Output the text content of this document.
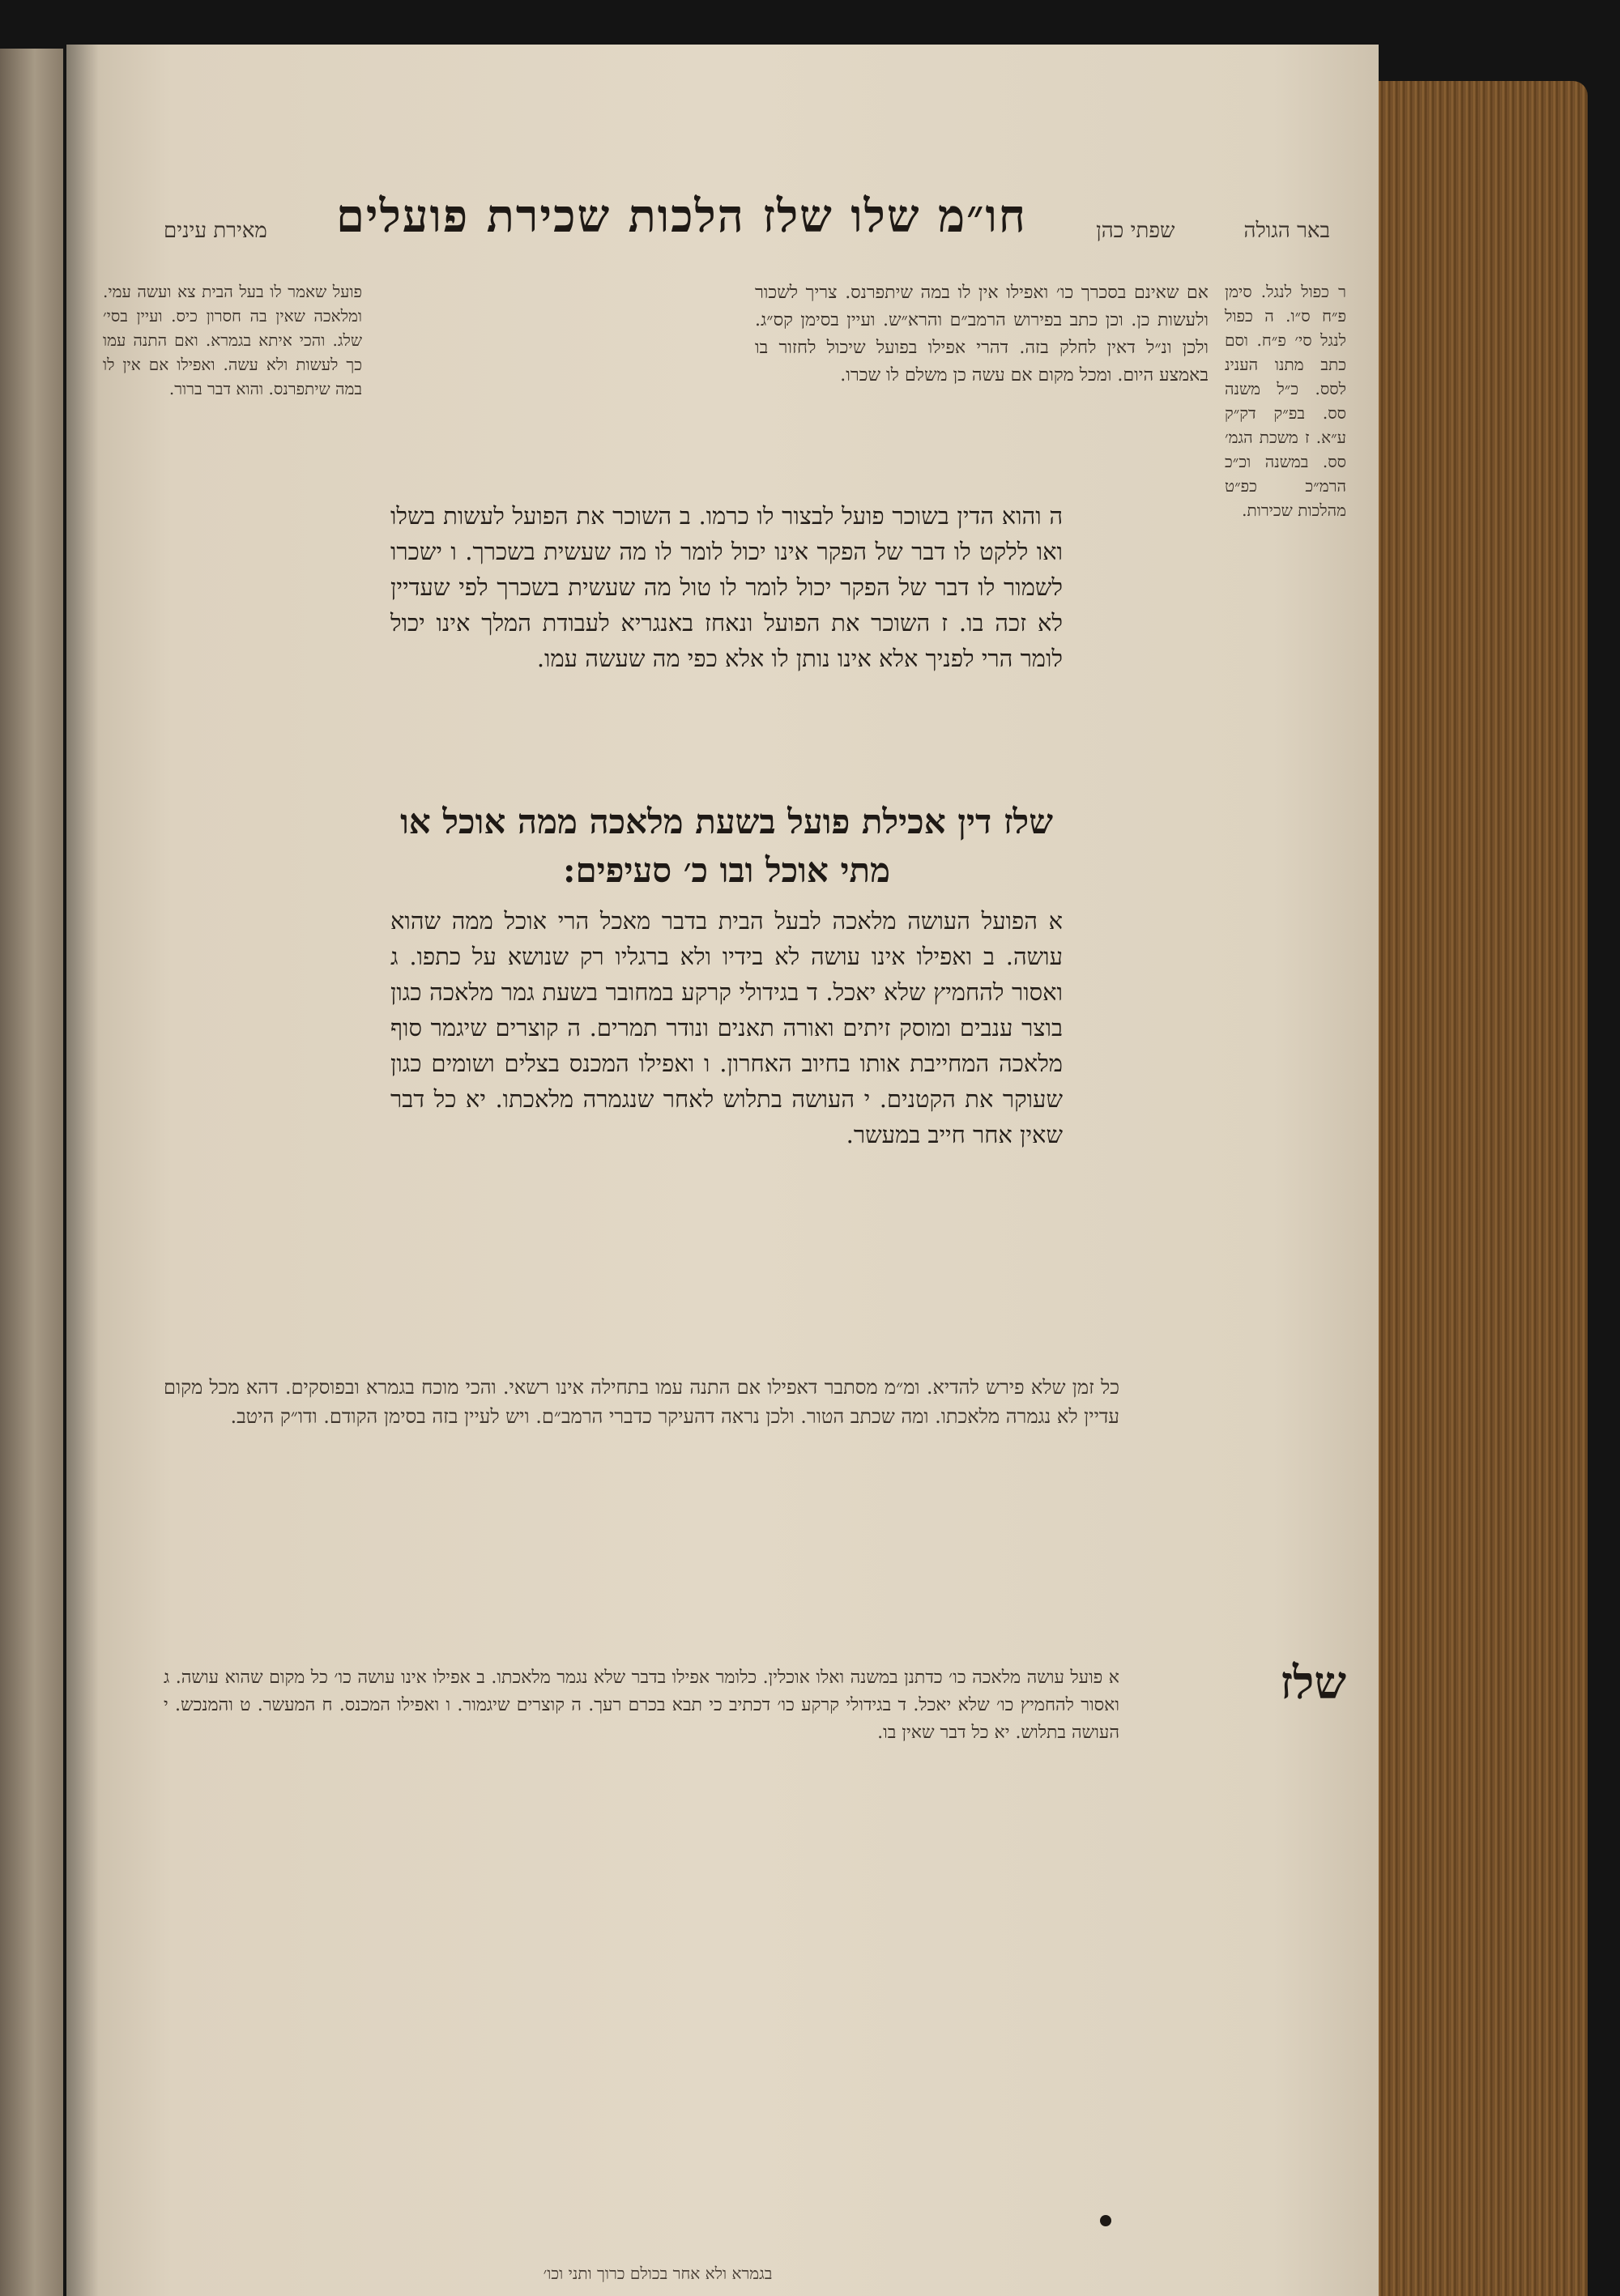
באר הגולה
שפתי כהן
חו״מ שלו שלז הלכות שכירת פועלים
מאירת עינים
ר כפול לנגל. סימן פ״ח ס״ו. ה כפול לנגל סי׳ פ״ח. וסם כתב מתנו הענינ לסס. כ״ל משנה סס. בפ״ק דק״ק ע״א. ז משכת הגמ׳ סס. במשנה וכ״כ הרמ״כ כפ״ט מהלכות שכירות.
אם שאינם בסכרך כו׳ ואפילו אין לו במה שיתפרנס. צריך לשכור ולעשות כן. וכן כתב בפירוש הרמב״ם והרא״ש. ועיין בסימן קס״ג. ולכן ונ״ל דאין לחלק בזה. דהרי אפילו בפועל שיכול לחזור בו באמצע היום. ומכל מקום אם עשה כן משלם לו שכרו.
פועל שאמר לו בעל הבית צא ועשה עמי. ומלאכה שאין בה חסרון כיס. ועיין בסי׳ שלג. והכי איתא בגמרא. ואם התנה עמו כך לעשות ולא עשה. ואפילו אם אין לו במה שיתפרנס. והוא דבר ברור.
ה והוא הדין בשוכר פועל לבצור לו כרמו. ב השוכר את הפועל לעשות בשלו ואו ללקט לו דבר של הפקר אינו יכול לומר לו מה שעשית בשכרך. ו ישכרו לשמור לו דבר של הפקר יכול לומר לו טול מה שעשית בשכרך לפי שעדיין לא זכה בו. ז השוכר את הפועל ונאחז באנגריא לעבודת המלך אינו יכול לומר הרי לפניך אלא אינו נותן לו אלא כפי מה שעשה עמו.
שלז דין אכילת פועל בשעת מלאכה ממה אוכל או מתי אוכל ובו כ׳ סעיפים:
א הפועל העושה מלאכה לבעל הבית בדבר מאכל הרי אוכל ממה שהוא עושה. ב ואפילו אינו עושה לא בידיו ולא ברגליו רק שנושא על כתפו. ג ואסור להחמיץ שלא יאכל. ד בגידולי קרקע במחובר בשעת גמר מלאכה כגון בוצר ענבים ומוסק זיתים ואורה תאנים ונודר תמרים. ה קוצרים שיגמר סוף מלאכה המחייבת אותו בחיוב האחרון. ו ואפילו המכנס בצלים ושומים כגון שעוקר את הקטנים. י העושה בתלוש לאחר שנגמרה מלאכתו. יא כל דבר שאין אחר חייב במעשר.
כל זמן שלא פירש להדיא. ומ״מ מסתבר דאפילו אם התנה עמו בתחילה אינו רשאי. והכי מוכח בגמרא ובפוסקים. דהא מכל מקום עדיין לא נגמרה מלאכתו. ומה שכתב הטור. ולכן נראה דהעיקר כדברי הרמב״ם. ויש לעיין בזה בסימן הקודם. ודו״ק היטב.
שלז
א פועל עושה מלאכה כו׳ כדתנן במשנה ואלו אוכלין. כלומר אפילו בדבר שלא נגמר מלאכתו. ב אפילו אינו עושה כו׳ כל מקום שהוא עושה. ג ואסור להחמיץ כו׳ שלא יאכל. ד בגידולי קרקע כו׳ דכתיב כי תבא בכרם רעך. ה קוצרים שיגמור. ו ואפילו המכנס. ח המעשר. ט והמנכש. י העושה בתלוש. יא כל דבר שאין בו.
בגמרא ולא אחר בכולם כרוך ותני וכו׳
